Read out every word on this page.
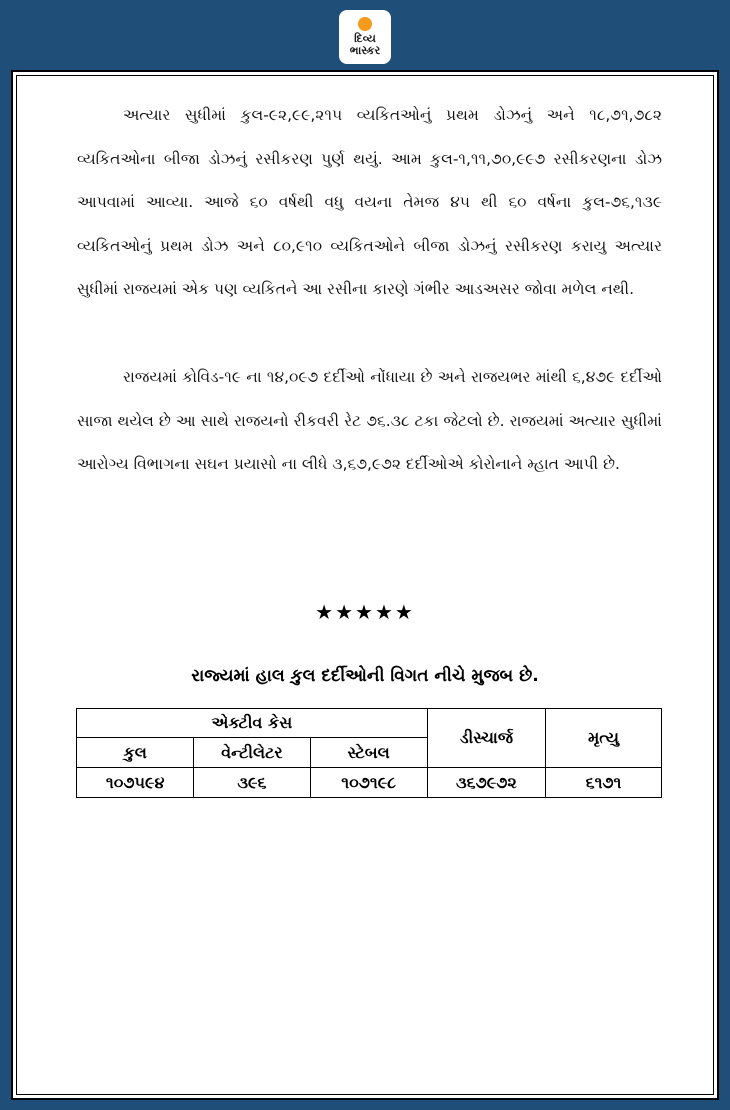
દિવ્ય
ભાસ્કર
અત્યાર સુધીમાં કુલ-૯૨,૯૯,૨૧૫ વ્યકિતઓનું પ્રથમ ડોઝનું અને ૧૮,૭૧,૭૮૨ વ્યકિતઓના બીજા ડોઝનું રસીકરણ પુર્ણ થયું. આમ કુલ-૧,૧૧,૭૦,૯૯૭ રસીકરણના ડોઝ આપવામાં આવ્યા. આજે ૬૦ વર્ષથી વધુ વયના તેમજ ૪૫ થી ૬૦ વર્ષના કુલ-૭૬,૧૩૯ વ્યકિતઓનું પ્રથમ ડોઝ અને ૮૦,૯૧૦ વ્યકિતઓને બીજા ડોઝનું રસીકરણ કરાયુ અત્યાર સુધીમાં રાજયમાં એક પણ વ્યકિતને આ રસીના કારણે ગંભીર આડઅસર જોવા મળેલ નથી.
રાજયમાં કોવિડ-૧૯ ના ૧૪,૦૯૭ દર્દીઓ નોંધાયા છે અને રાજયભર માંથી ૬,૪૭૯ દર્દીઓ સાજા થયેલ છે આ સાથે રાજયનો રીકવરી રેટ ૭૬.૩૮ ટકા જેટલો છે. રાજયમાં અત્યાર સુધીમાં આરોગ્ય વિભાગના સઘન પ્રયાસો ના લીધે ૩,૬૭,૯૭૨ દર્દીઓએ કોરોનાને મ્હાત આપી છે.
★★★★★
રાજ્યમાં હાલ કુલ દર્દીઓની વિગત નીચે મુજબ છે.
એક્ટીવ કેસ			ડીસ્ચાર્જ	મૃત્યુ
કુલ	વેન્ટીલેટર	સ્ટેબલ		
૧૦૭૫૯૪	૩૯૬	૧૦૭૧૯૮	૩૬૭૯૭૨	૬૧૭૧
